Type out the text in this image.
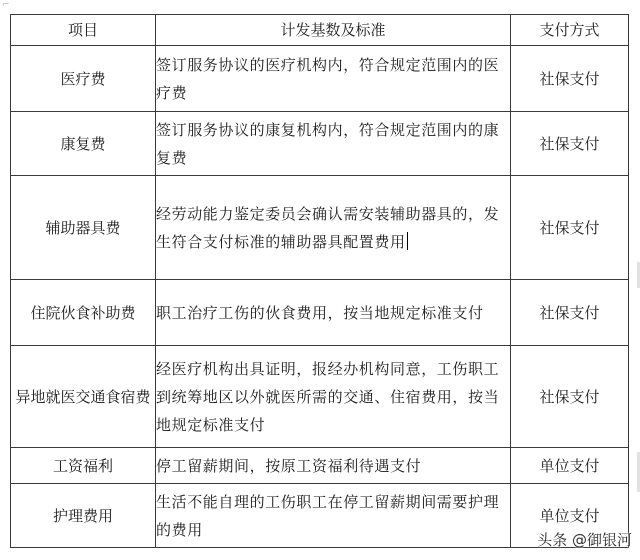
⌐
项目	计发基数及标准	支付方式
医疗费	签订服务协议的医疗机构内，符合规定范围内的医疗费	社保支付
康复费	签订服务协议的康复机构内，符合规定范围内的康复费	社保支付
辅助器具费	经劳动能力鉴定委员会确认需安装辅助器具的，发生符合支付标准的辅助器具配置费用	社保支付
住院伙食补助费	职工治疗工伤的伙食费用，按当地规定标准支付	社保支付
异地就医交通食宿费	经医疗机构出具证明，报经办机构同意，工伤职工到统筹地区以外就医所需的交通、住宿费用，按当地规定标准支付	社保支付
工资福利	停工留薪期间，按原工资福利待遇支付	单位支付
护理费用	生活不能自理的工伤职工在停工留薪期间需要护理的费用	单位支付
头条 @御银河
